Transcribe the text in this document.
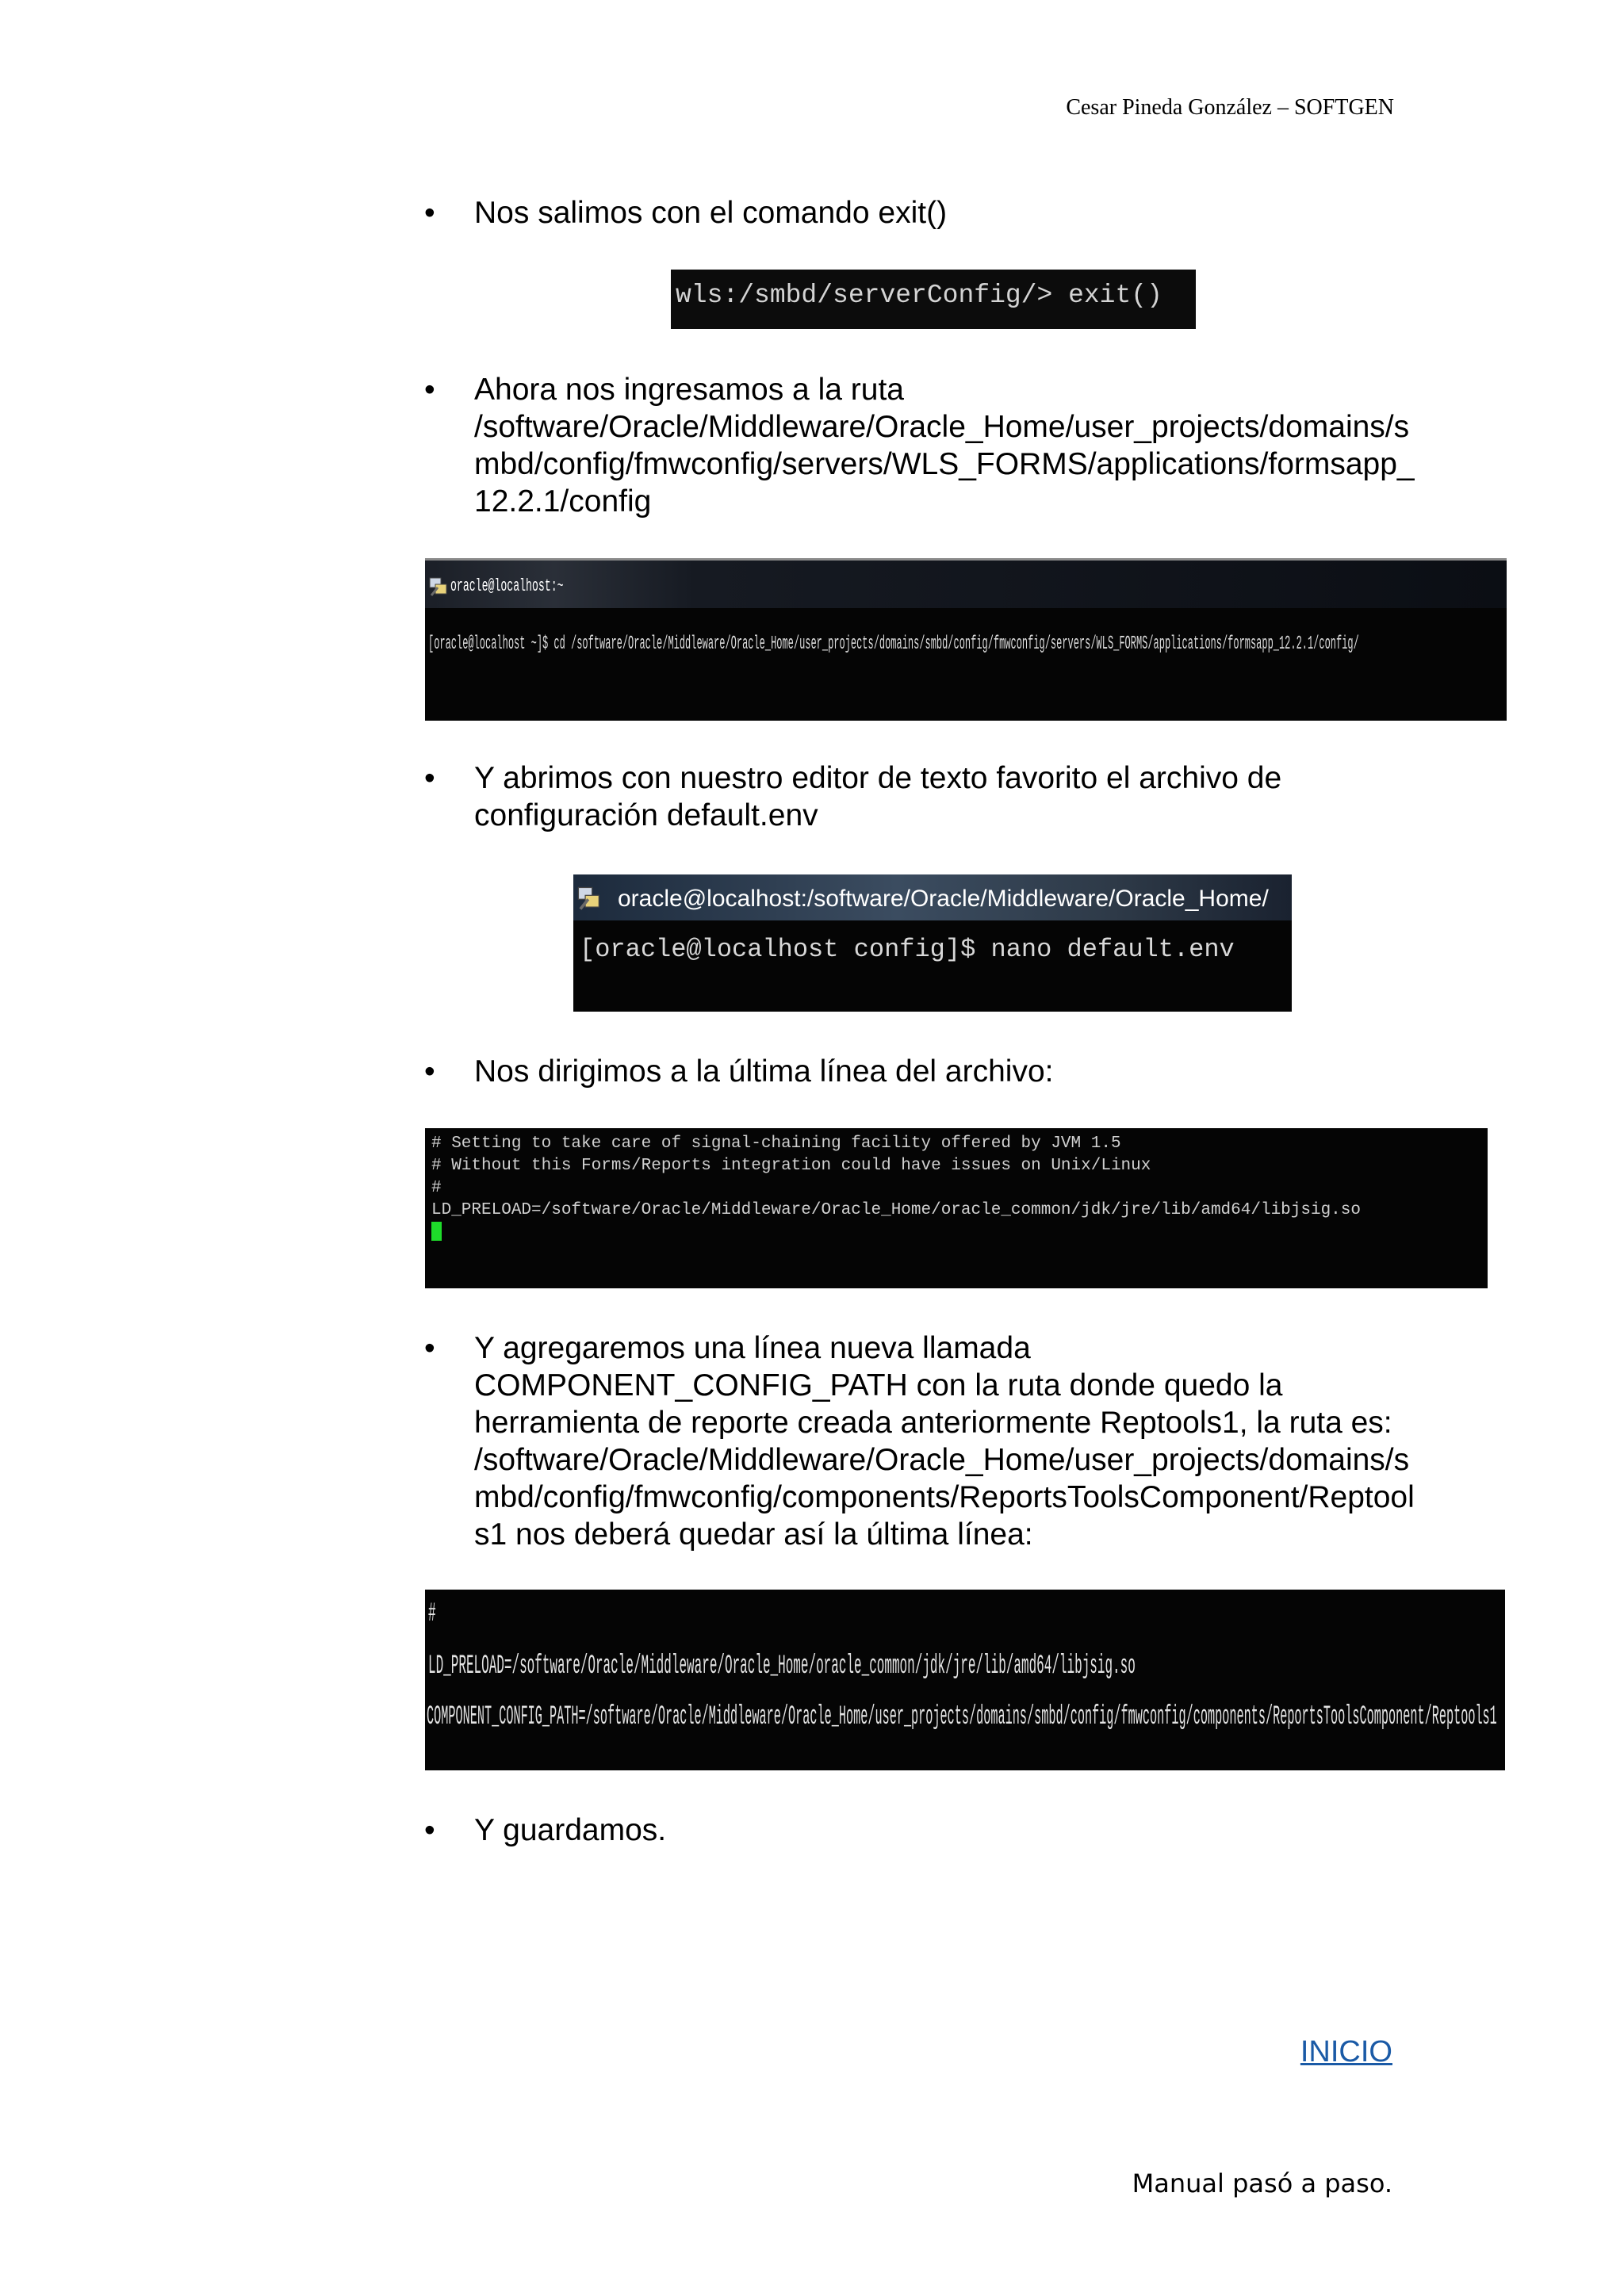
Cesar Pineda González – SOFTGEN
• Nos salimos con el comando exit()
wls:/smbd/serverConfig/> exit()
• Ahora nos ingresamos a la ruta
/software/Oracle/Middleware/Oracle_Home/user_projects/domains/s
mbd/config/fmwconfig/servers/WLS_FORMS/applications/formsapp_
12.2.1/config
oracle@localhost:~
[oracle@localhost ~]$ cd /software/Oracle/Middleware/Oracle_Home/user_projects/domains/smbd/config/fmwconfig/servers/WLS_FORMS/applications/formsapp_12.2.1/config/
• Y abrimos con nuestro editor de texto favorito el archivo de
configuración default.env
oracle@localhost:/software/Oracle/Middleware/Oracle_Home/
[oracle@localhost config]$ nano default.env
• Nos dirigimos a la última línea del archivo:
# Setting to take care of signal-chaining facility offered by JVM 1.5
# Without this Forms/Reports integration could have issues on Unix/Linux
#
LD_PRELOAD=/software/Oracle/Middleware/Oracle_Home/oracle_common/jdk/jre/lib/amd64/libjsig.so
• Y agregaremos una línea nueva llamada
COMPONENT_CONFIG_PATH con la ruta donde quedo la
herramienta de reporte creada anteriormente Reptools1, la ruta es:
/software/Oracle/Middleware/Oracle_Home/user_projects/domains/s
mbd/config/fmwconfig/components/ReportsToolsComponent/Reptool
s1 nos deberá quedar así la última línea:
#
LD_PRELOAD=/software/Oracle/Middleware/Oracle_Home/oracle_common/jdk/jre/lib/amd64/libjsig.so
COMPONENT_CONFIG_PATH=/software/Oracle/Middleware/Oracle_Home/user_projects/domains/smbd/config/fmwconfig/components/ReportsToolsComponent/Reptools1
• Y guardamos.
INICIO
Manual pasó a paso.
